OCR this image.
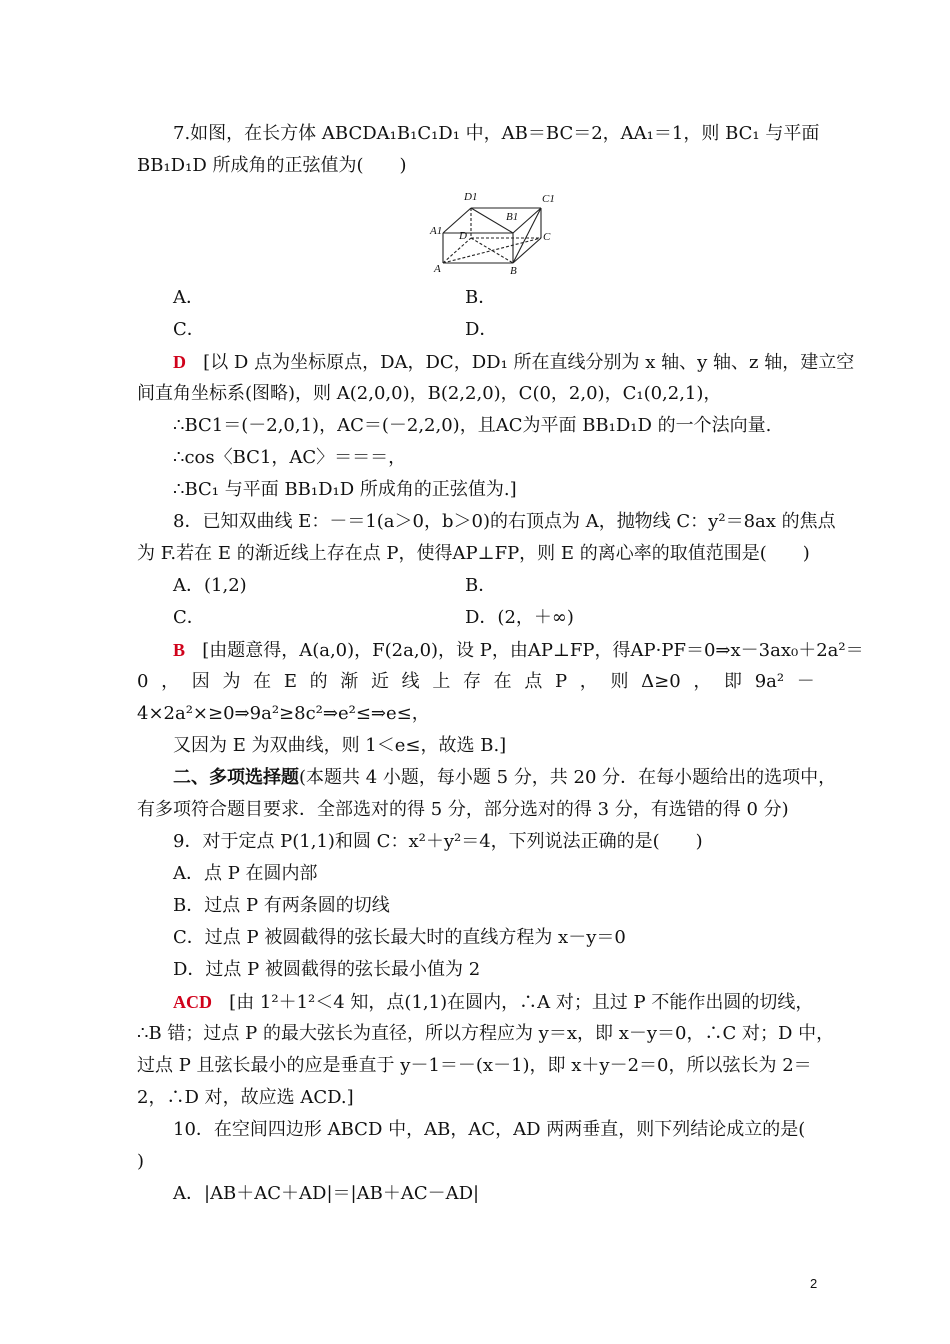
7.如图，在长方体 ABCDA₁B₁C₁D₁ 中，AB＝BC＝2，AA₁＝1，则 BC₁ 与平面
BB₁D₁D 所成角的正弦值为(　　)
D1	C1
B1
A1 D	C
A	B
A．	B．
C．	D．
D [以 D 点为坐标原点，DA，DC，DD₁ 所在直线分别为 x 轴、y 轴、z 轴，建立空
间直角坐标系(图略)，则 A(2,0,0)，B(2,2,0)，C(0，2,0)，C₁(0,2,1)，
∴BC1＝(－2,0,1)，AC＝(－2,2,0)，且AC为平面 BB₁D₁D 的一个法向量.
∴cos〈BC1，AC〉＝＝＝，
∴BC₁ 与平面 BB₁D₁D 所成角的正弦值为.]
8．已知双曲线 E：－＝1(a＞0，b＞0)的右顶点为 A，抛物线 C：y²＝8ax 的焦点
为 F.若在 E 的渐近线上存在点 P，使得AP⊥FP，则 E 的离心率的取值范围是(　　)
A．(1,2)	B．
C．	D．(2，＋∞)
B [由题意得，A(a,0)，F(2a,0)，设 P，由AP⊥FP，得AP·PF＝0⇒x－3ax₀＋2a²＝
0 ， 因 为 在 E 的 渐 近 线 上 存 在 点 P ， 则 Δ≥0 ， 即 9a² －
4×2a²×≥0⇒9a²≥8c²⇒e²≤⇒e≤，
又因为 E 为双曲线，则 1＜e≤，故选 B.]
二、多项选择题(本题共 4 小题，每小题 5 分，共 20 分．在每小题给出的选项中，
有多项符合题目要求．全部选对的得 5 分，部分选对的得 3 分，有选错的得 0 分)
9．对于定点 P(1,1)和圆 C：x²＋y²＝4，下列说法正确的是(　　)
A．点 P 在圆内部
B．过点 P 有两条圆的切线
C．过点 P 被圆截得的弦长最大时的直线方程为 x－y＝0
D．过点 P 被圆截得的弦长最小值为 2
ACD [由 1²＋1²＜4 知，点(1,1)在圆内，∴A 对；且过 P 不能作出圆的切线，
∴B 错；过点 P 的最大弦长为直径，所以方程应为 y＝x，即 x－y＝0，∴C 对；D 中，
过点 P 且弦长最小的应是垂直于 y－1＝－(x－1)，即 x＋y－2＝0，所以弦长为 2＝
2，∴D 对，故应选 ACD.]
10．在空间四边形 ABCD 中，AB，AC，AD 两两垂直，则下列结论成立的是(
)
A．|AB＋AC＋AD|＝|AB＋AC－AD|
2
